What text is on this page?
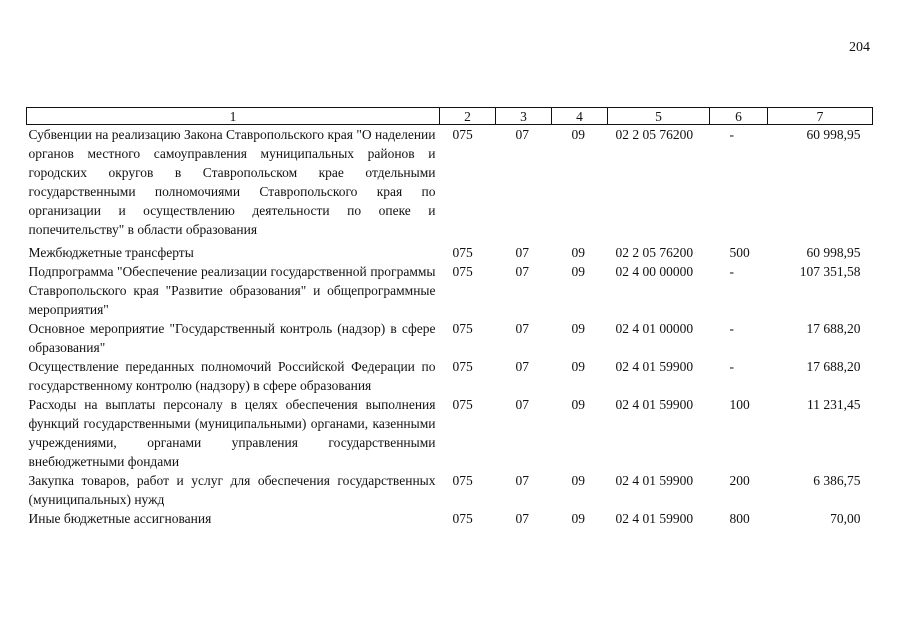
204
1	2	3	4	5	6	7
Субвенции на реализацию Закона Ставропольского края "О наделении органов местного самоуправления муниципальных районов и городских округов в Ставропольском крае отдельными государственными полномочиями Ставропольского края по организации и осуществлению деятельности по опеке и попечительству" в области образования	075	07	09	02 2 05 76200	-	60 998,95
Межбюджетные трансферты	075	07	09	02 2 05 76200	500	60 998,95
Подпрограмма "Обеспечение реализации государственной программы Ставропольского края "Развитие образования" и общепрограммные мероприятия"	075	07	09	02 4 00 00000	-	107 351,58
Основное мероприятие "Государственный контроль (надзор) в сфере образования"	075	07	09	02 4 01 00000	-	17 688,20
Осуществление переданных полномочий Российской Федерации по государственному контролю (надзору) в сфере образования	075	07	09	02 4 01 59900	-	17 688,20
Расходы на выплаты персоналу в целях обеспечения выполнения функций государственными (муниципальными) органами, казенными учреждениями, органами управления государственными внебюджетными фондами	075	07	09	02 4 01 59900	100	11 231,45
Закупка товаров, работ и услуг для обеспечения государственных (муниципальных) нужд	075	07	09	02 4 01 59900	200	6 386,75
Иные бюджетные ассигнования	075	07	09	02 4 01 59900	800	70,00
